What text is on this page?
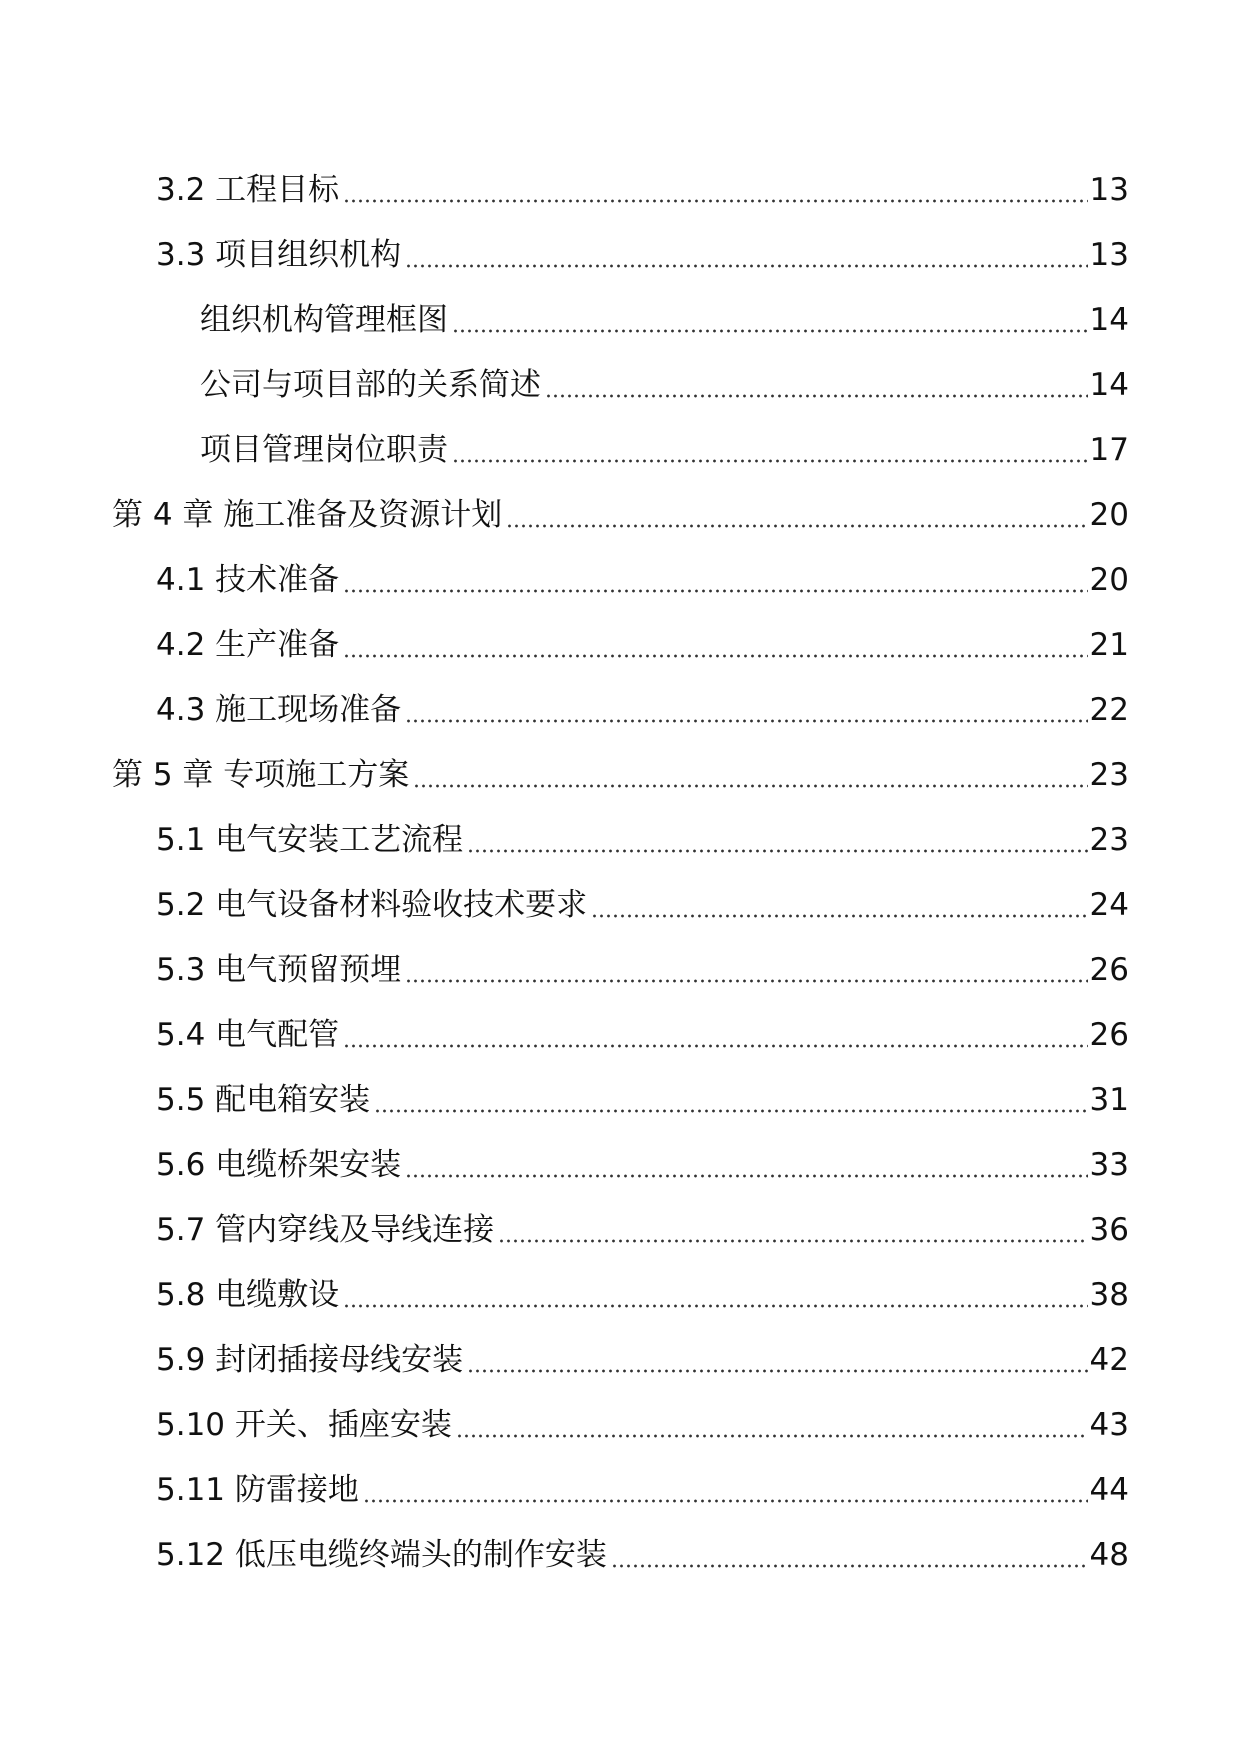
3.2 工程目标	13
3.3 项目组织机构	13
组织机构管理框图	14
公司与项目部的关系简述	14
项目管理岗位职责	17
第 4 章 施工准备及资源计划	20
4.1 技术准备	20
4.2 生产准备	21
4.3 施工现场准备	22
第 5 章 专项施工方案	23
5.1 电气安装工艺流程	23
5.2 电气设备材料验收技术要求	24
5.3 电气预留预埋	26
5.4 电气配管	26
5.5 配电箱安装	31
5.6 电缆桥架安装	33
5.7 管内穿线及导线连接	36
5.8 电缆敷设	38
5.9 封闭插接母线安装	42
5.10 开关、插座安装	43
5.11 防雷接地	44
5.12 低压电缆终端头的制作安装	48
